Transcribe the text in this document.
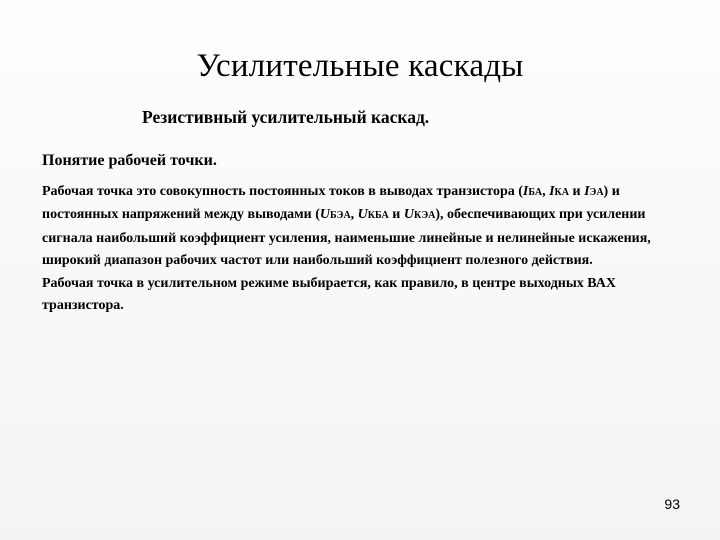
Усилительные каскады
Резистивный усилительный каскад.
Понятие рабочей точки.

Рабочая точка это совокупность постоянных токов в выводах транзистора (IБА, IКА и IЭА) и постоянных напряжений между выводами (UБЭА, UКБА и UКЭА), обеспечивающих при усилении сигнала наибольший коэффициент усиления, наименьшие линейные и нелинейные искажения, широкий диапазон рабочих частот или наибольший коэффициент полезного действия.

Рабочая точка в усилительном режиме выбирается, как правило, в центре выходных ВАХ транзистора.

93
